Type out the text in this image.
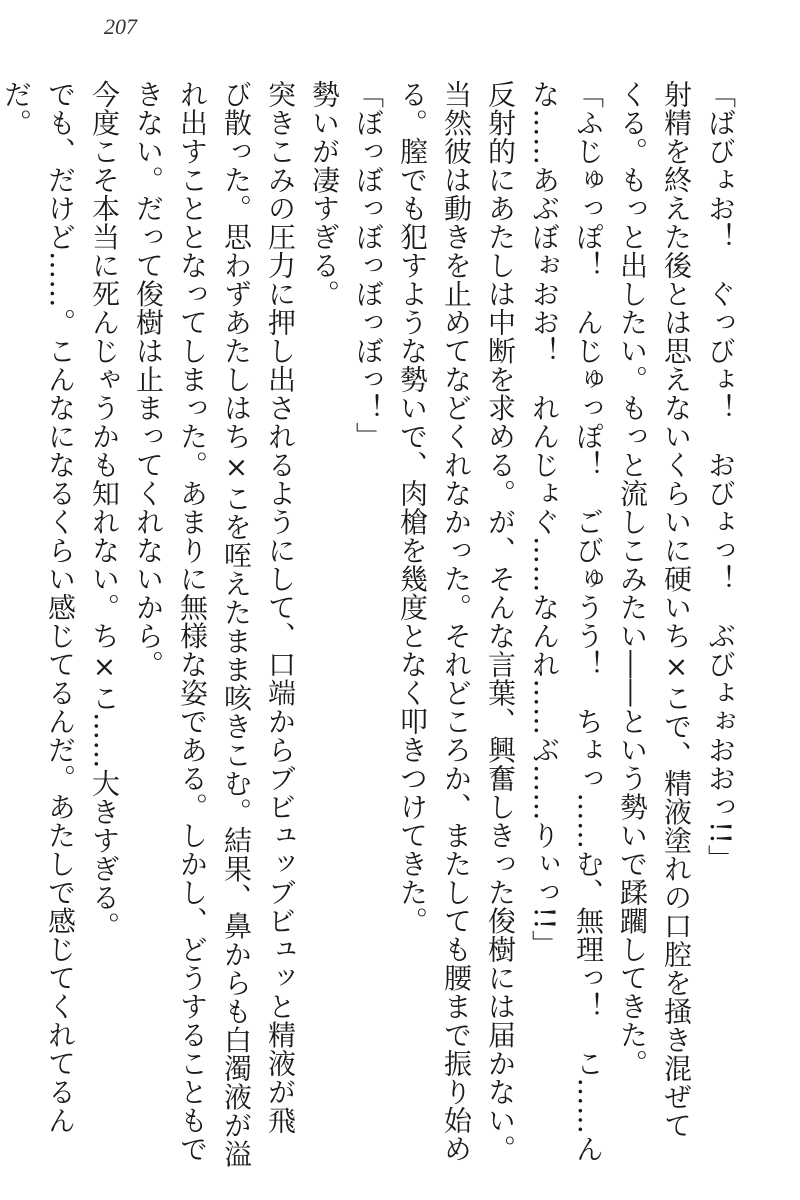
207
「ばびょお！　ぐっびょ！　おびょっ！　ぶびょぉおおっ!!」
射精を終えた後とは思えないくらいに硬いち×こで、精液塗れの口腔を掻き混ぜて
くる。もっと出したい。もっと流しこみたい――という勢いで蹂躙してきた。
「ふじゅっぽ！　んじゅっぽ！　ごびゅうう！　ちょっ……む、無理っ！　こ……ん
な……あぶぼぉおお！　れんじょぐ……なんれ……ぶ……りぃっ!!」
反射的にあたしは中断を求める。が、そんな言葉、興奮しきった俊樹には届かない。
当然彼は動きを止めてなどくれなかった。それどころか、またしても腰まで振り始め
る。膣でも犯すような勢いで、肉槍を幾度となく叩きつけてきた。
「ぼっぼっぼっぼっぼっ！」
勢いが凄すぎる。
突きこみの圧力に押し出されるようにして、口端からブビュッブビュッと精液が飛
び散った。思わずあたしはち×こを咥えたまま咳きこむ。結果、鼻からも白濁液が溢
れ出すこととなってしまった。あまりに無様な姿である。しかし、どうすることもで
きない。だって俊樹は止まってくれないから。
今度こそ本当に死んじゃうかも知れない。ち×こ……大きすぎる。
でも、だけど……。こんなになるくらい感じてるんだ。あたしで感じてくれてるん
だ。
